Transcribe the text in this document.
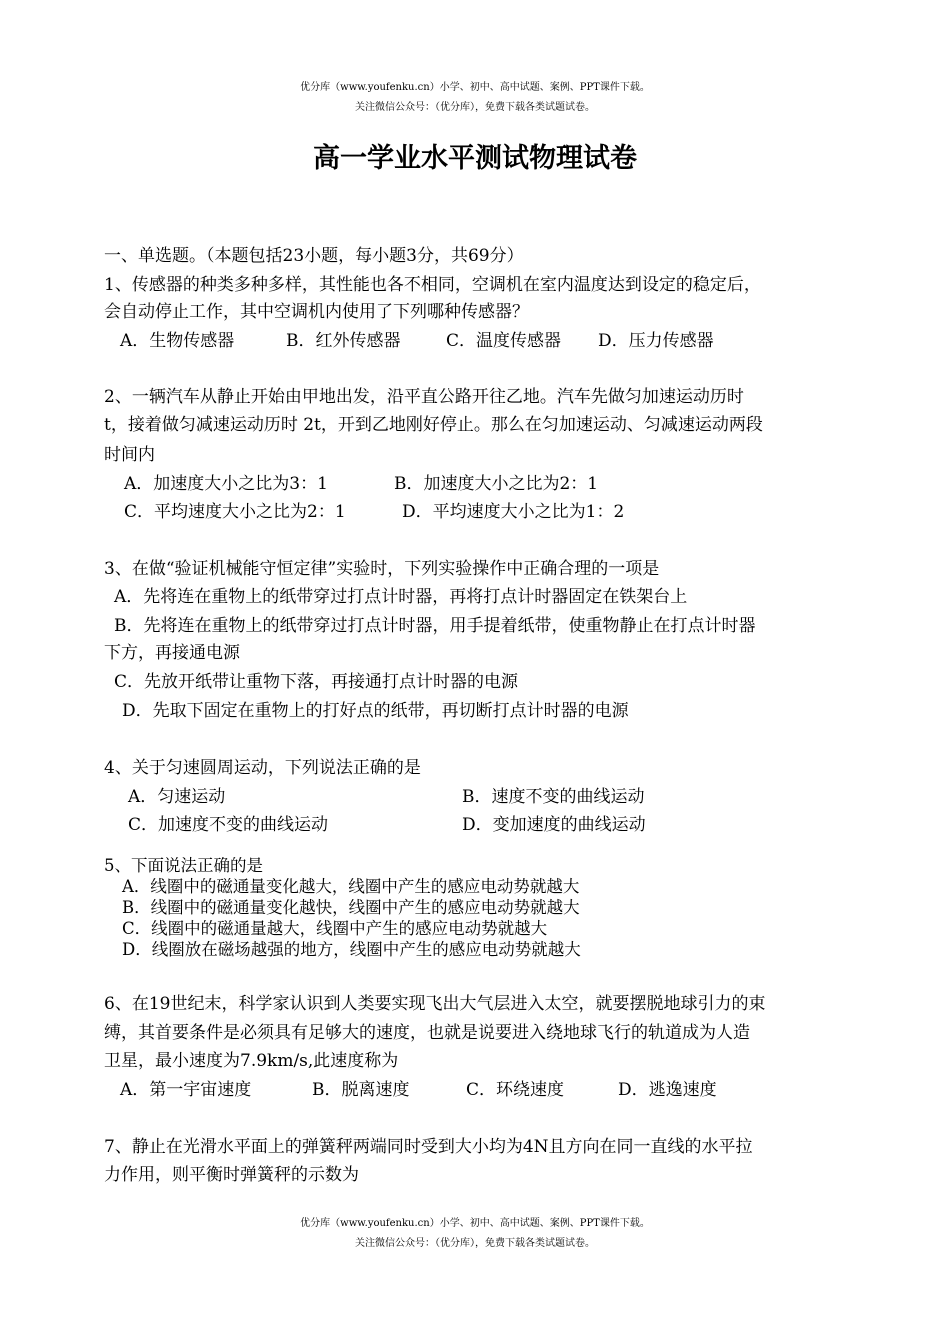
优分库（www.youfenku.cn）小学、初中、高中试题、案例、PPT课件下载。
关注微信公众号：（优分库），免费下载各类试题试卷。
高一学业水平测试物理试卷
一、单选题。（本题包括23小题，每小题3分，共69分）
1、传感器的种类多种多样，其性能也各不相同，空调机在室内温度达到设定的稳定后，
会自动停止工作，其中空调机内使用了下列哪种传感器？
A．生物传感器	B．红外传感器	C．温度传感器 D．压力传感器
2、一辆汽车从静止开始由甲地出发，沿平直公路开往乙地。汽车先做匀加速运动历时
t，接着做匀减速运动历时 2t，开到乙地刚好停止。那么在匀加速运动、匀减速运动两段
时间内
A．加速度大小之比为3：1	B．加速度大小之比为2：1
C．平均速度大小之比为2：1	D．平均速度大小之比为1：2
3、在做“验证机械能守恒定律”实验时，下列实验操作中正确合理的一项是
A．先将连在重物上的纸带穿过打点计时器，再将打点计时器固定在铁架台上
B．先将连在重物上的纸带穿过打点计时器，用手提着纸带，使重物静止在打点计时器
下方，再接通电源
C．先放开纸带让重物下落，再接通打点计时器的电源
D．先取下固定在重物上的打好点的纸带，再切断打点计时器的电源
4、关于匀速圆周运动，下列说法正确的是
A．匀速运动	B．速度不变的曲线运动
C．加速度不变的曲线运动	D．变加速度的曲线运动
5、下面说法正确的是
A．线圈中的磁通量变化越大，线圈中产生的感应电动势就越大
B．线圈中的磁通量变化越快，线圈中产生的感应电动势就越大
C．线圈中的磁通量越大，线圈中产生的感应电动势就越大
D．线圈放在磁场越强的地方，线圈中产生的感应电动势就越大
6、在19世纪末，科学家认识到人类要实现飞出大气层进入太空，就要摆脱地球引力的束
缚，其首要条件是必须具有足够大的速度，也就是说要进入绕地球飞行的轨道成为人造
卫星，最小速度为7.9km/s,此速度称为
A．第一宇宙速度	B．脱离速度	C．环绕速度	D．逃逸速度
7、静止在光滑水平面上的弹簧秤两端同时受到大小均为4N且方向在同一直线的水平拉
力作用，则平衡时弹簧秤的示数为
优分库（www.youfenku.cn）小学、初中、高中试题、案例、PPT课件下载。
关注微信公众号：（优分库），免费下载各类试题试卷。
